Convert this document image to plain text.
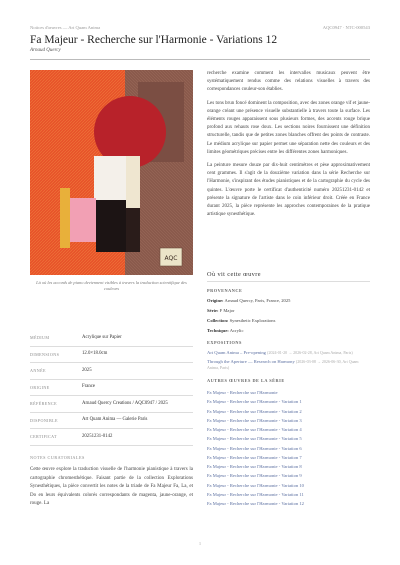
Notices d'œuvres — Art Quam Anima	AQC0947 · NTC-000543
Fa Majeur - Recherche sur l'Harmonie - Variations 12
Arnaud Quercy
AQC
Là où les accords de piano deviennent visibles à travers la traduction scientifique des couleurs
MÉDIUM	Acrylique sur Papier
DIMENSIONS	12.0×18.0cm
ANNÉE	2025
ORIGINE	France
RÉFÉRENCE	Arnaud Quercy Creations / AQC0947 / 2025
DISPONIBLE	Art Quam Anima — Galerie Paris
CERTIFICAT	20251231-0142
NOTES CURATORIALES
Cette œuvre explore la traduction visuelle de l'harmonie pianistique à travers la cartographie chromesthétique. Faisant partie de la collection Explorations Synesthétiques, la pièce convertit les notes de la triade de Fa Majeur Fa, La, et Do en leurs équivalents colorés correspondants de magenta, jaune-orange, et rouge. La

recherche examine comment les intervalles musicaux peuvent être systématiquement rendus comme des relations visuelles à travers des correspondances couleur-son établies.

Les tons brun foncé dominent la composition, avec des zones orange vif et jaune-orange créant une présence visuelle substantielle à travers toute la surface. Les éléments rouges apparaissent sous plusieurs formes, des accents rouge brique profond aux rehauts rose doux. Les sections noires fournissent une définition structurelle, tandis que de petites zones blanches offrent des points de contraste. Le médium acrylique sur papier permet une séparation nette des couleurs et des limites géométriques précises entre les différentes zones harmoniques.

La peinture mesure douze par dix-huit centimètres et pèse approximativement cent grammes. Il s'agit de la douzième variation dans la série Recherche sur l'Harmonie, s'inspirant des études pianistiques et de la cartographie du cycle des quintes. L'œuvre porte le certificat d'authenticité numéro 20251231-0142 et présente la signature de l'artiste dans le coin inférieur droit. Créée en France durant 2025, la pièce représente les approches contemporaines de la pratique artistique synesthétique.

Où vit cette œuvre
PROVENANCE
Origine: Arnaud Quercy, Paris, France, 2025
Série: F Major
Collection: Synesthetic Explorations
Technique: Acrylic
EXPOSITIONS
Art Quam Anima – Pre-opening (2024-01-20 → 2026-02-28, Art Quam Anima, Paris)
Through the Aperture — Research on Harmony (2026-03-08 → 2026-06-30, Art Quam Anima, Paris)
AUTRES ŒUVRES DE LA SÉRIE
Fa Majeur - Recherche sur l'Harmonie
Fa Majeur - Recherche sur l'Harmonie - Variation 1
Fa Majeur - Recherche sur l'Harmonie - Variation 2
Fa Majeur - Recherche sur l'Harmonie - Variation 3
Fa Majeur - Recherche sur l'Harmonie - Variation 4
Fa Majeur - Recherche sur l'Harmonie - Variation 5
Fa Majeur - Recherche sur l'Harmonie - Variation 6
Fa Majeur - Recherche sur l'Harmonie - Variation 7
Fa Majeur - Recherche sur l'Harmonie - Variation 8
Fa Majeur - Recherche sur l'Harmonie - Variation 9
Fa Majeur - Recherche sur l'Harmonie - Variation 10
Fa Majeur - Recherche sur l'Harmonie - Variation 11
Fa Majeur - Recherche sur l'Harmonie - Variation 12
1
